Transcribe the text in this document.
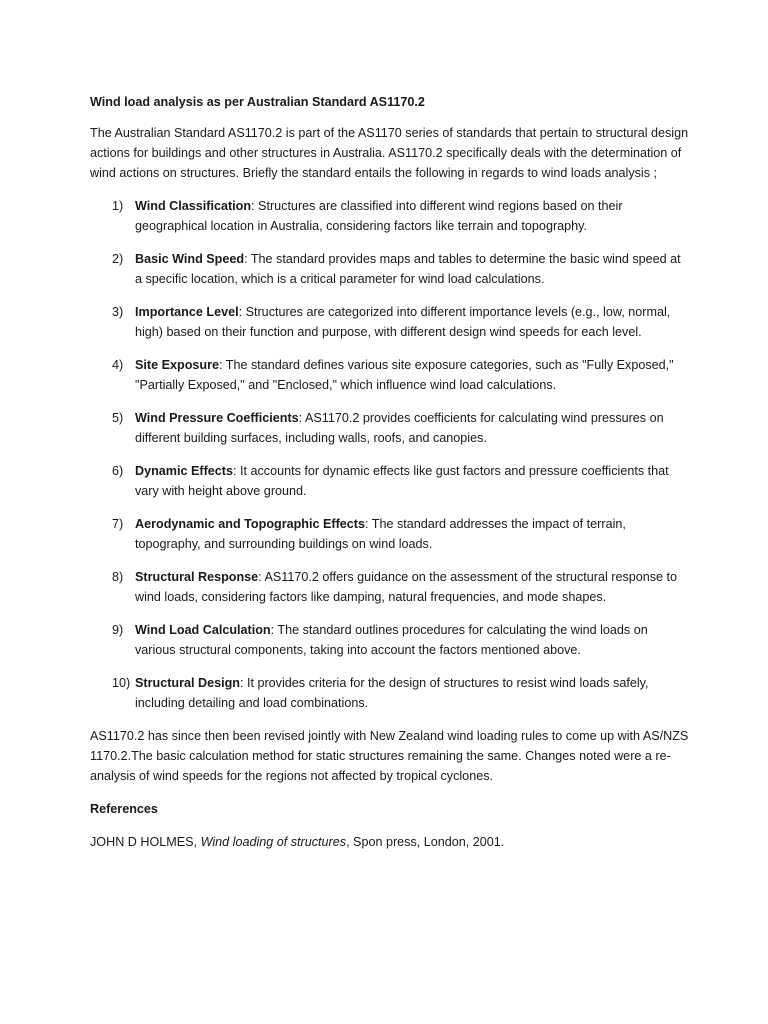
Wind load analysis as per Australian Standard AS1170.2
The Australian Standard AS1170.2 is part of the AS1170 series of standards that pertain to structural design actions for buildings and other structures in Australia. AS1170.2 specifically deals with the determination of wind actions on structures. Briefly the standard entails the following in regards to wind loads analysis ;
1) Wind Classification: Structures are classified into different wind regions based on their geographical location in Australia, considering factors like terrain and topography.
2) Basic Wind Speed: The standard provides maps and tables to determine the basic wind speed at a specific location, which is a critical parameter for wind load calculations.
3) Importance Level: Structures are categorized into different importance levels (e.g., low, normal, high) based on their function and purpose, with different design wind speeds for each level.
4) Site Exposure: The standard defines various site exposure categories, such as "Fully Exposed," "Partially Exposed," and "Enclosed," which influence wind load calculations.
5) Wind Pressure Coefficients: AS1170.2 provides coefficients for calculating wind pressures on different building surfaces, including walls, roofs, and canopies.
6) Dynamic Effects: It accounts for dynamic effects like gust factors and pressure coefficients that vary with height above ground.
7) Aerodynamic and Topographic Effects: The standard addresses the impact of terrain, topography, and surrounding buildings on wind loads.
8) Structural Response: AS1170.2 offers guidance on the assessment of the structural response to wind loads, considering factors like damping, natural frequencies, and mode shapes.
9) Wind Load Calculation: The standard outlines procedures for calculating the wind loads on various structural components, taking into account the factors mentioned above.
10) Structural Design: It provides criteria for the design of structures to resist wind loads safely, including detailing and load combinations.
AS1170.2 has since then been revised jointly with New Zealand wind loading rules to come up with AS/NZS 1170.2.The basic calculation method for static structures remaining the same. Changes noted were a re-analysis of wind speeds for the regions not affected by tropical cyclones.
References
JOHN D HOLMES, Wind loading of structures, Spon press, London, 2001.
